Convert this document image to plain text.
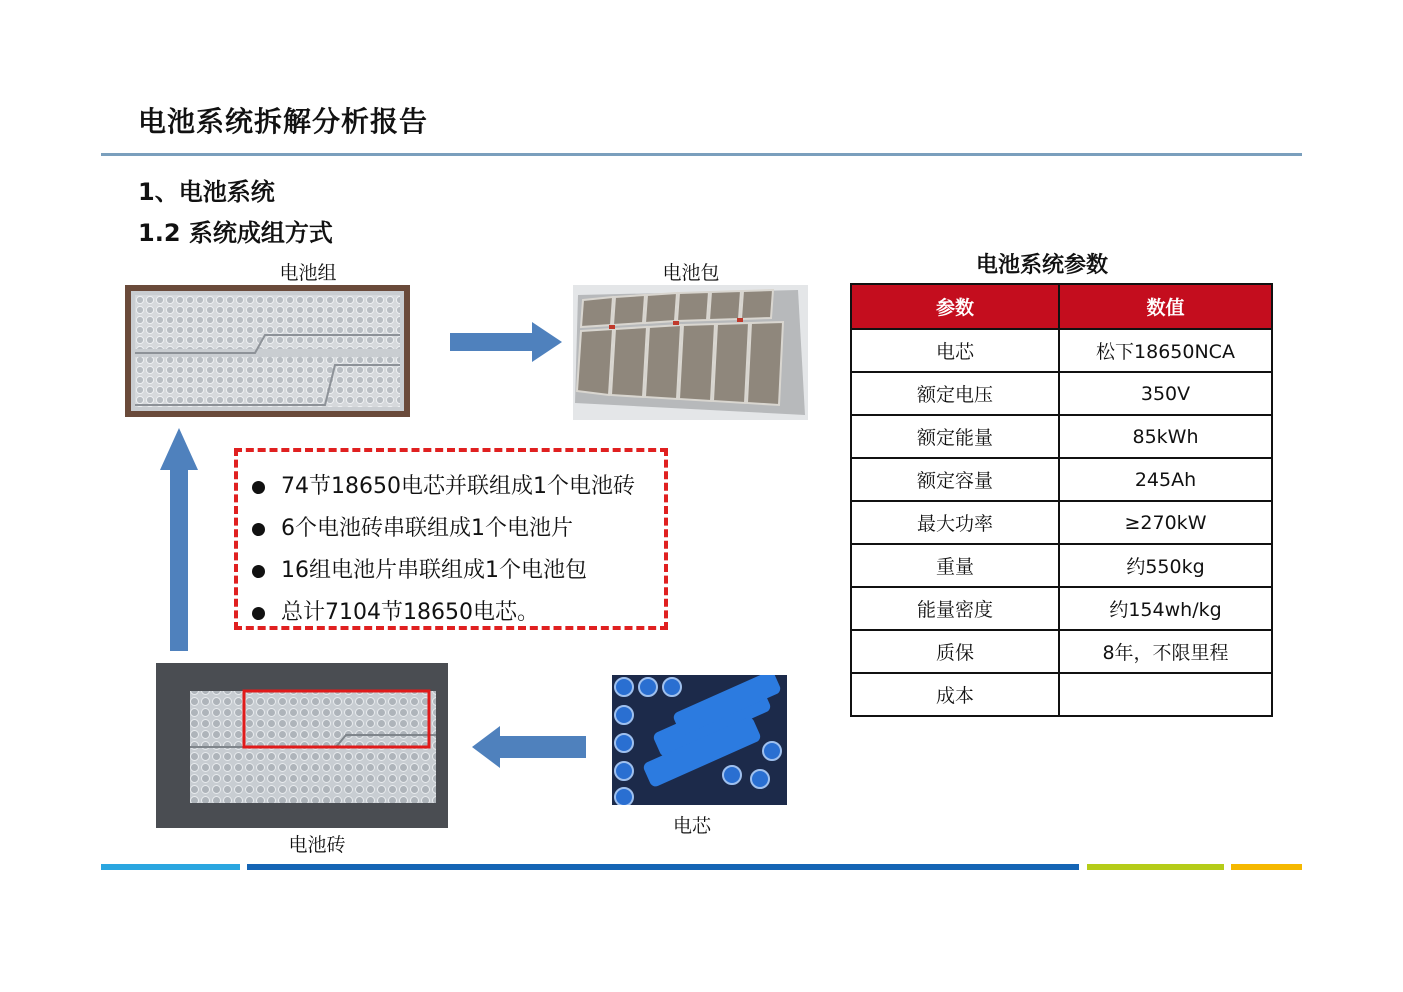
电池系统拆解分析报告
1、电池系统
1.2 系统成组方式
电池组	电池包
74节18650电芯并联组成1个电池砖
6个电池砖串联组成1个电池片
16组电池片串联组成1个电池包
总计7104节18650电芯。
电池砖
电芯
电池系统参数
参数	数值
电芯	松下18650NCA
额定电压	350V
额定能量	85kWh
额定容量	245Ah
最大功率	≥270kW
重量	约550kg
能量密度	约154wh/kg
质保	8年，不限里程
成本	
